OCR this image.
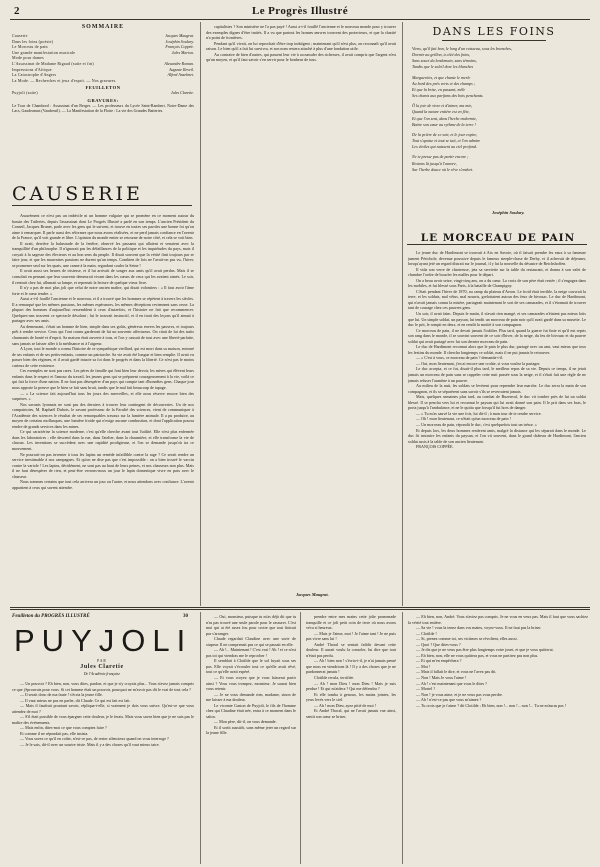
2	Le Progrès Illustré
SOMMAIRE
Causerie	Jacques Maugrat.
Dans les foins (poésie)	Joséphin Soulary.
Le Morceau de pain	François Coppée.
Une grande manifestation musicale	Jules Marion.
Mode pour dames
L'Assassinat de Madame Rigaud (suite et fin)	Alexandre Roman.
Impressions d'Afrique	Auguste Reveil.
La Catastrophe d'Angers	Alfred Anselmet.
La Mode. — Recherches et jeux d'esprit. — Nos gravures.
FEUILLETON
Puyjoli (suite)	Jules Claretie.
GRAVURES:
Le Tour de Chambord : Assassinat d'un Berger. — Les professeurs du Lycée Saint-Rambert, Notre-Dame des Lacs, Gaudeamus (Vaudreuil). — La Manifestation de la Flotte : La vie des Grandes Batteries.
CAUSERIE

Assurément ce n'est pas un imbécile ni un homme vulgaire qui se promène en ce moment autour du bassin des Tuileries, depuis l'assassinat dont Le Progrès Illustré a parlé en son temps. L'ancien Président du Conseil, Jacques Brunet, parle avec les gens qui le suivent, et trouve en toutes ses paroles une bonne foi qu'on aime à remarquer. Il parle aussi des réformes que nous avons réalisées, et ne perd jamais confiance en l'avenir de la France, qu'il voit grande et libre. L'opinion du monde entier se retourne de notre côté, et cela se voit bien.

Il avait, derrière la balustrade de la fenêtre, observé les passants qui allaient et venaient avec la tranquillité d'un philosophe. Il n'ignorait pas les défaillances de la politique et les inquiétudes du pays, mais il croyait à la sagesse des électeurs et au bon sens du peuple. Il disait souvent que la vérité finit toujours par se faire jour, et que les mauvaises passions ne durent qu'un temps. Combien de fois ne l'avait-on pas vu, l'hiver, se promener seul sur les quais, une canne à la main, regardant couler la Seine !

Il avait aussi ses heures de tristesse, et il lui arrivait de songer aux amis qu'il avait perdus. Mais il se consolait en pensant que leur souvenir demeurait vivant dans les cœurs de ceux qui les avaient aimés. Le soir, il rentrait chez lui, allumait sa lampe, et reprenait la lecture de quelque vieux livre.

Il n'y a pas de mot plus joli que celui de notre ancien maître, qui disait volontiers : « Il faut avoir l'âme forte et le cœur tendre. »

Aussi a-t-il fouillé l'ancienne et le nouveau, et il a trouvé que les hommes se répètent à travers les siècles. Il a remarqué que les mêmes passions, les mêmes espérances, les mêmes déceptions reviennent sans cesse. La plupart des hommes d'aujourd'hui ressemblent à ceux d'autrefois, et l'histoire ne fait que recommencer. Quelques-uns trouvent ce spectacle désolant ; lui le trouvait instructif, et il en tirait des leçons qu'il aimait à partager avec ses amis.

Au demeurant, c'était un homme de bien, simple dans ses goûts, généreux envers les pauvres, et toujours prêt à rendre service. Ceux qui l'ont connu garderont de lui un souvenir affectueux. On citait de lui des traits charmants de bonté et d'esprit. Sa maison était ouverte à tous, et l'on y causait de tout avec une liberté parfaite, sans jamais se laisser aller à la médisance ni à l'aigreur.

A Lyon, tout le monde a connu l'histoire de ce sympathique vieillard, qui est mort dans sa maison, entouré de ses enfants et de ses petits-enfants, comme un patriarche. Sa vie avait été longue et bien remplie. Il avait vu passer bien des régimes, et il avait gardé intacte sa foi dans le progrès et dans la liberté. Ce n'est pas le moins curieux de cette existence.

Ces exemples ne sont pas rares. Les pères de famille qui font bien leur devoir, les mères qui élèvent leurs enfants dans le respect et l'amour du travail, les jeunes gens qui se préparent courageusement à la vie, voilà ce qui fait la force d'une nation. Il ne faut pas désespérer d'un pays qui compte tant d'honnêtes gens. Chaque jour nous apporte la preuve que le bien se fait sans bruit, tandis que le mal fait beaucoup de tapage.

— « La science fait aujourd'hui tous les jours des merveilles, et elle nous réserve encore bien des surprises. »

Nos savants lyonnais ne sont pas des derniers à trouver leur contingent de découvertes. Un de nos compatriotes, M. Raphaël Dubois, le savant professeur de la Faculté des sciences, vient de communiquer à l'Académie des sciences le résultat de ses remarquables travaux sur la lumière animale. Il a pu produire, au moyen de certains mollusques, une lumière froide qui n'exige aucune combustion, et dont l'application pourra rendre de grands services dans les mines.

Ce qui caractérise la science moderne, c'est qu'elle cherche avant tout l'utilité. Elle n'est plus enfermée dans les laboratoires ; elle descend dans la rue, dans l'atelier, dans la chaumière, et elle transforme la vie de chacun. Les inventions se succèdent avec une rapidité prodigieuse, et l'on se demande jusqu'où ira ce mouvement.

Ne pourrait-on pas inventer à tous les lapins un remède infaillible contre la rage ? Ce serait rendre un service inestimable à nos campagnes. Et qu'on ne dise pas que c'est impossible : on a bien trouvé le vaccin contre la variole ! Les lapins, décidément, ne sont pas au bout de leurs peines, et nos chasseurs non plus. Mais il ne faut désespérer de rien, et peut-être verrons-nous un jour le lapin domestique vivre en paix avec le chasseur.

Nous sommes certains que tout cela arrivera un jour ou l'autre, et nous attendons avec confiance. L'avenir appartient à ceux qui savent attendre.

capitalistes ? Son ministère ne l'a pas payé ! Aussi a-t-il fouillé l'ancienne et le nouveau monde pour y trouver des exemples dignes d'être imités. Il a vu que partout les bonnes œuvres trouvent des protecteurs, et que la charité n'a point de frontières.

Pendant qu'il vivait, on lui reprochait d'être trop indulgent ; maintenant qu'il n'est plus, on reconnaît qu'il avait raison. Le bien qu'il a fait lui survivra, et son nom restera attaché à plus d'une fondation utile.

Au contraire de bien d'autres, qui passent leur vie à accumuler des richesses, il avait compris que l'argent n'est qu'un moyen, et qu'il faut savoir s'en servir pour le bonheur de tous.

Jacques Maugrat.
DANS LES FOINS
Viens, qu'il fait bon, le long d'un ruisseau, sous les branches,
Dormir au grillon, à côté des foins,
Sans souci du lendemain, sans témoins,
Tandis que le soleil dore les blanches
Marguerites, et que chante le merle
Au bord des prés verts et des champs ;
Et que la brise, en passant, mêle
Ses chants aux parfums des bois penchants.
Ô la joie de vivre et d'aimer, ma mie,
Quand la nature entière est en fête,
Et que l'on sent, dans l'herbe endormie,
Battre son cœur au rythme de la terre !
De la prière de ce soir, et le jour expire,
Tout s'apaise et tout se tait, et l'on admire
Les étoiles qui naissent au ciel profond.
Ne te presse pas de partir encore ;
Restons là jusqu'à l'aurore,
Sur l'herbe douce où le rêve s'endort.
Joséphin Soulary.

LE MORCEAU DE PAIN

Le jeune duc de Hardimont se trouvait à Aix en Savoie, où il faisait prendre les eaux à sa fameuse jument Périchole, devenue poussive depuis le fameux steeple-chase de Derby, et il achevait de déjeuner, lorsqu'ayant jeté un regard distrait sur le journal, il y lut la nouvelle du désastre de Reichshoffen.

Il vida son verre de chartreuse, jeta sa serviette sur la table du restaurant, et donna à son valet de chambre l'ordre de boucler les malles pour le départ.

On a beau avoir seize, vingt-cinq ans, on a du cœur. La croix de son père était restée ; il s'engagea dans les mobiles, et fut blessé sous Paris, à la bataille de Champigny.

C'était pendant l'hiver de 1870, au camp du plateau d'Avron. Le froid était terrible, la neige couvrait la terre, et les soldats, mal vêtus, mal nourris, grelottaient autour des feux de bivouac. Le duc de Hardimont, qui n'avait jamais connu la misère, partageait maintenant le sort de ses camarades, et il s'étonnait de trouver tant de courage chez ces pauvres gens.

Un soir, il avait faim. Depuis le matin, il n'avait rien mangé, et ses camarades n'étaient pas mieux lotis que lui. Un simple soldat, un paysan, lui tendit un morceau de pain noir qu'il avait gardé dans sa musette. Le duc le prit, le rompit en deux, et en rendit la moitié à son compagnon.

Ce morceau de pain, il ne devait jamais l'oublier. Plus tard, quand la guerre fut finie et qu'il eut repris son rang dans le monde, il se souvint souvent de ce soir d'hiver, de la neige, du feu de bivouac et du pauvre soldat qui avait partagé avec lui son dernier morceau de pain.

Le duc de Hardimont reconnut alors que le pain le plus dur, partagé avec un ami, vaut mieux que tous les festins du monde. Il chercha longtemps ce soldat, mais il ne put jamais le retrouver.

— « C'est à vous, ce morceau de pain ? demanda-t-il.

— Oui, mon lieutenant, j'en ai encore une croûte, si vous voulez la partager.

Le duc accepta, et ce fut, disait-il plus tard, le meilleur repas de sa vie. Depuis ce temps, il ne jetait jamais un morceau de pain sans se rappeler cette nuit passée sous la neige, et il s'était fait une règle de ne jamais refuser l'aumône à un pauvre.

Au milieu de la nuit, les soldats se levèrent pour reprendre leur marche. Le duc serra la main de son compagnon, et ils se séparèrent sans savoir s'ils se reverraient jamais.

Mais, quelques semaines plus tard, au combat de Buzenval, le duc vit tomber près de lui un soldat blessé. Il se pencha vers lui et reconnut le paysan qui lui avait donné son pain. Il le prit dans ses bras, le porta jusqu'à l'ambulance, et ne le quitta que lorsqu'il fut hors de danger.

— « Tu m'as sauvé la vie une fois, lui dit-il ; à mon tour de te rendre service.

— Oh ! mon lieutenant, ce n'était qu'un morceau de pain !

— Un morceau de pain, répondit le duc, c'est quelquefois tout un trésor. »

Et depuis lors, les deux hommes restèrent amis, malgré la distance qui les séparait dans le monde. Le duc fit instruire les enfants du paysan, et l'on vit souvent, dans le grand château de Hardimont, l'ancien soldat assis à la table de son ancien lieutenant.

FRANÇOIS COPPÉE.

Feuilleton du PROGRÈS ILLUSTRÉ	30
PUYJOLI
PAR
Jules Claretie
De l'Académie française

— Un pouvoir ? Eh bien, non, vous dites, pardon, et que je n'y croyais plus... Vous n'avez jamais compris ce que j'éprouvais pour vous. Si cet homme était un pouvoir, pourquoi ne m'avoir pas dit le vrai de tout cela ?

— Il serait donc de ma faute ! s'écria la jeune fille.

— Il vaut mieux ne pas en parler, dit Claude. Ce qui est fait est fait.

— Mais il faudrait pourtant savoir, répliqua-t-elle, si vraiment je dois vous suivre. Qu'est-ce que vous attendez de moi ?

— S'il était possible de vous épargner cette douleur, je le ferais. Mais vous savez bien que je ne suis pas le maître des événements.

— Mais enfin, dites-moi ce que vous comptez faire ?

Et comme il ne répondait pas, elle insista.

— Vous savez ce qu'il en coûte, n'est-ce pas, de rester silencieux quand on vous interroge ?

— Je le sais, dit-il avec un sourire triste. Mais il y a des choses qu'il vaut mieux taire.

— Oui, monsieur, puisque tu m'as déjà dit que tu n'as pas trouvé une seule parole pour le rassurer. C'est moi qui ai été assez fou pour croire que tout finirait par s'arranger.

Claude regardait Claudine avec une sorte de stupeur. Il ne comprenait pas ce qui se passait en elle.

— Ah !... Maintenant ! C'est vrai ! Ah ! et ce n'est pas toi qui viendras me le reprocher !

Il semblait à Clotilde que le sol fuyait sous ses pas. Elle voyait s'écrouler tout ce qu'elle avait rêvé, tout ce qu'elle avait espéré.

— Et vous croyez que je vous laisserai partir ainsi ? Vous vous trompez, monsieur. Je saurai bien vous retenir.

— Je ne vous demande rien, madame, sinon de me laisser à ma douleur.

Le vicomte Gaston de Puyjoli, le fils de l'homme chez qui Claudine était née, entra à ce moment dans le salon.

— Mon père, dit-il, on vous demande.

Et il sortit aussitôt, sans même jeter un regard sur la jeune fille.

prendre entre mes mains cette jolie promenade tranquille et ce joli petit coin de terre où nous avons vécu si heureux.

— Mais je l'aime, moi ! Je l'aime tant ! Je ne puis pas vivre sans lui !

André Thoral se sentait faiblir devant cette douleur. Il aurait voulu la consoler, lui dire que tout n'était pas perdu.

— Ah ! bien non ! s'écria-t-il, je n'ai jamais pensé que nous en viendrions là ! Il y a des choses que je ne pardonnerai jamais !

Clotilde recula, terrifiée.

— Ah ! mon Dieu ! mon Dieu ! Mais je suis perdue ! Et qui m'aidera ? Qui me défendra ?

Et elle tomba à genoux, les mains jointes, les yeux levés vers le ciel.

— Ah ! mon Dieu, ayez pitié de moi !

Et André Thoral, qui ne l'avait jamais vue ainsi, sentit son cœur se briser.

— Eh bien, non, André. Vous n'aviez pas compris. Je ne vous en veux pas. Mais il faut que vous sachiez la vérité tout entière.

— Sa vie ! vous la tenez dans vos mains, voyez-vous. Il ne faut pas la briser.

— Clotilde !

— Si, prenez comme toi, ses victimes se révoltent, elles aussi.

— Quoi ? Que dites-vous ?

— Je dis que je ne veux pas être plus longtemps votre jouet, et que je vous quitterai.

— Eh bien, non, elle ne vous quittera pas, et vous ne partirez pas non plus.

— Et qui m'en empêchera ?

— Moi !

— Mais il fallait le dire, et vous ne l'avez pas dit.

— Non ! Mais Je vous l'aime !

— Ah ! c'est maintenant que vous le dites ?

— Mortel ?

— Non ! je vous aime, et je ne veux pas vous perdre.

— Ah ! n'est-ce pas que vous m'aimez ?

— Tu crois que je t'aime ? dit Clotilde ; Eh bien, non !... non !... non !... Tu ne m'auras pas !
